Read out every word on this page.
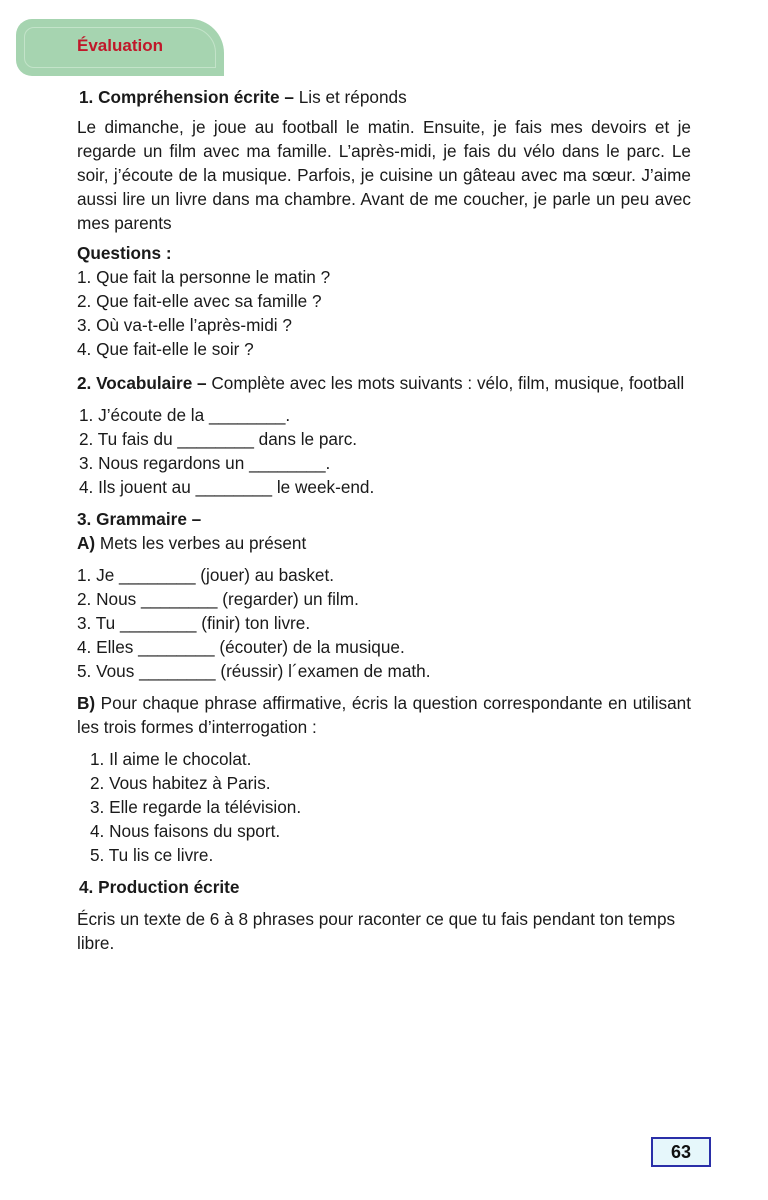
Évaluation

1. Compréhension écrite – Lis et réponds

Le dimanche, je joue au football le matin. Ensuite, je fais mes devoirs et je regarde un film avec ma famille. L’après-midi, je fais du vélo dans le parc. Le soir, j’écoute de la musique. Parfois, je cuisine un gâteau avec ma sœur. J’aime aussi lire un livre dans ma chambre. Avant de me coucher, je parle un peu avec mes parents

Questions :

1. Que fait la personne le matin ?
2. Que fait-elle avec sa famille ?
3. Où va-t-elle l’après-midi ?
4. Que fait-elle le soir ?

2. Vocabulaire – Complète avec les mots suivants : vélo, film, musique, football

1. J’écoute de la ________.
2. Tu fais du ________ dans le parc.
3. Nous regardons un ________.
4. Ils jouent au ________ le week-end.

3. Grammaire –

A) Mets les verbes au présent

1. Je ________ (jouer) au basket.
2. Nous ________ (regarder) un film.
3. Tu ________ (finir) ton livre.
4. Elles ________ (écouter) de la musique.
5. Vous ________ (réussir) l´examen de math.

B) Pour chaque phrase affirmative, écris la question correspondante en utilisant les trois formes d’interrogation :

1. Il aime le chocolat.
2. Vous habitez à Paris.
3. Elle regarde la télévision.
4. Nous faisons du sport.
5. Tu lis ce livre.

4. Production écrite

Écris un texte de 6 à 8 phrases pour raconter ce que tu fais pendant ton temps libre.

63
